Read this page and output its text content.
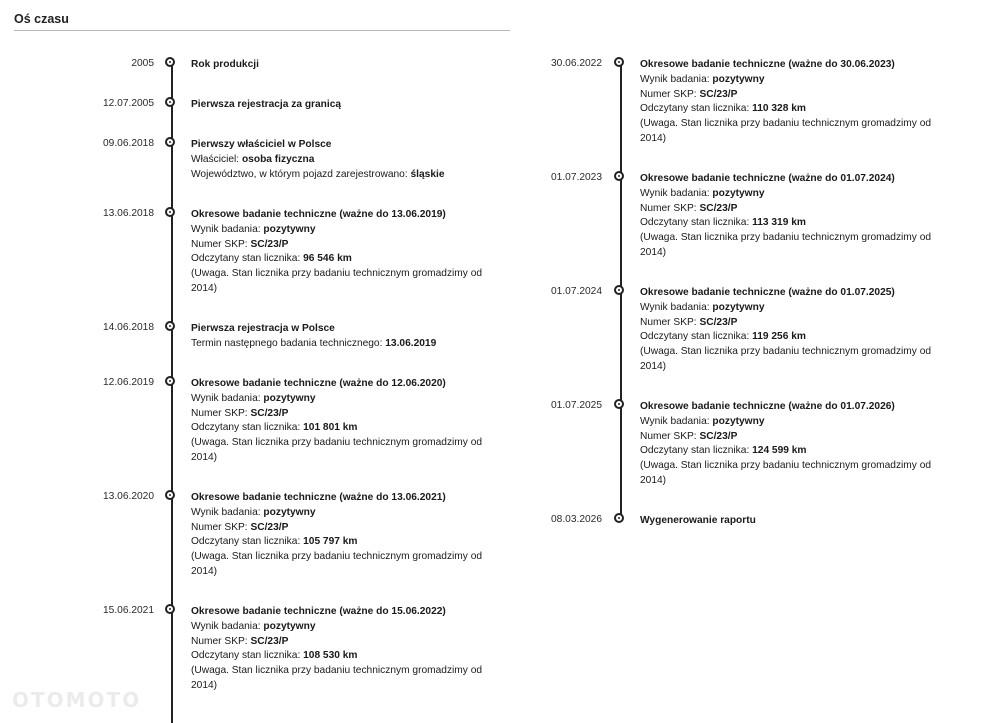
Oś czasu
2005	Rok produkcji
12.07.2005	Pierwsza rejestracja za granicą
09.06.2018	Pierwszy właściciel w Polsce
Właściciel: osoba fizyczna
Województwo, w którym pojazd zarejestrowano: śląskie
13.06.2018	Okresowe badanie techniczne (ważne do 13.06.2019)
Wynik badania: pozytywny
Numer SKP: SC/23/P
Odczytany stan licznika: 96 546 km
(Uwaga. Stan licznika przy badaniu technicznym gromadzimy od 2014)
14.06.2018	Pierwsza rejestracja w Polsce
Termin następnego badania technicznego: 13.06.2019
12.06.2019	Okresowe badanie techniczne (ważne do 12.06.2020)
Wynik badania: pozytywny
Numer SKP: SC/23/P
Odczytany stan licznika: 101 801 km
(Uwaga. Stan licznika przy badaniu technicznym gromadzimy od 2014)
13.06.2020	Okresowe badanie techniczne (ważne do 13.06.2021)
Wynik badania: pozytywny
Numer SKP: SC/23/P
Odczytany stan licznika: 105 797 km
(Uwaga. Stan licznika przy badaniu technicznym gromadzimy od 2014)
15.06.2021	Okresowe badanie techniczne (ważne do 15.06.2022)
Wynik badania: pozytywny
Numer SKP: SC/23/P
Odczytany stan licznika: 108 530 km
(Uwaga. Stan licznika przy badaniu technicznym gromadzimy od 2014)
30.06.2022	Okresowe badanie techniczne (ważne do 30.06.2023)
Wynik badania: pozytywny
Numer SKP: SC/23/P
Odczytany stan licznika: 110 328 km
(Uwaga. Stan licznika przy badaniu technicznym gromadzimy od 2014)
01.07.2023	Okresowe badanie techniczne (ważne do 01.07.2024)
Wynik badania: pozytywny
Numer SKP: SC/23/P
Odczytany stan licznika: 113 319 km
(Uwaga. Stan licznika przy badaniu technicznym gromadzimy od 2014)
01.07.2024	Okresowe badanie techniczne (ważne do 01.07.2025)
Wynik badania: pozytywny
Numer SKP: SC/23/P
Odczytany stan licznika: 119 256 km
(Uwaga. Stan licznika przy badaniu technicznym gromadzimy od 2014)
01.07.2025	Okresowe badanie techniczne (ważne do 01.07.2026)
Wynik badania: pozytywny
Numer SKP: SC/23/P
Odczytany stan licznika: 124 599 km
(Uwaga. Stan licznika przy badaniu technicznym gromadzimy od 2014)
08.03.2026	Wygenerowanie raportu
OTOMOTO
